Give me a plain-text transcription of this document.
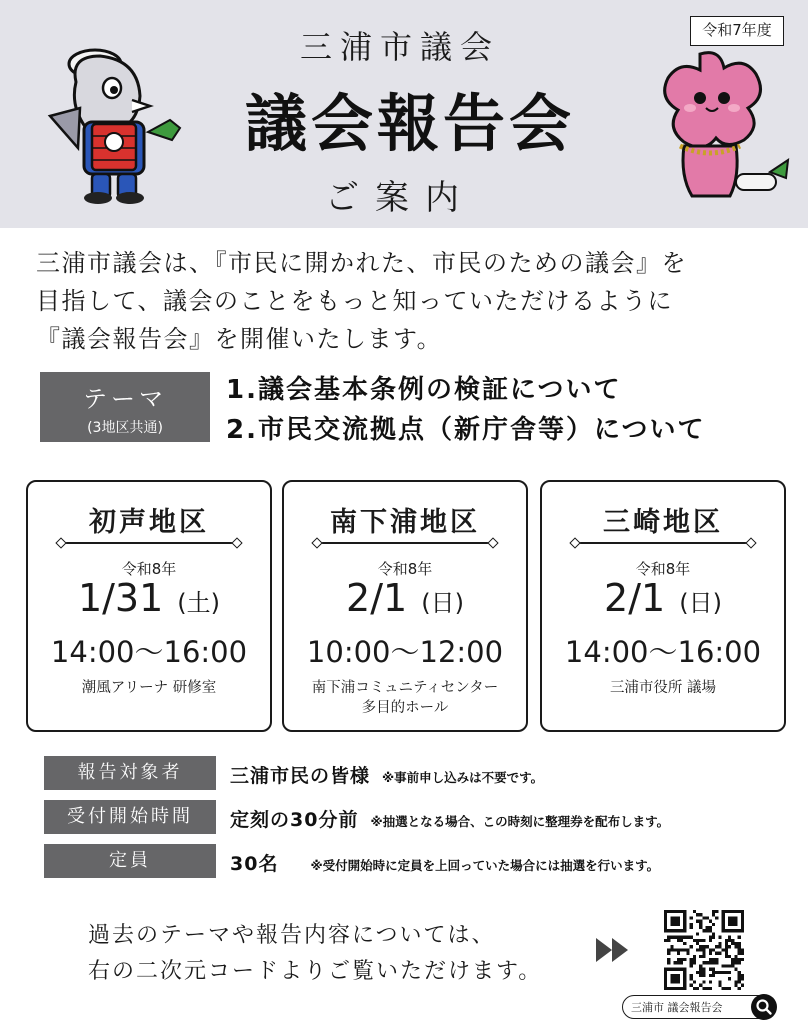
令和7年度
三浦市議会
議会報告会
ご案内
三浦市議会は、『市民に開かれた、市民のための議会』を
目指して、議会のことをもっと知っていただけるように
『議会報告会』を開催いたします。
テーマ
(3地区共通)
1.議会基本条例の検証について
2.市民交流拠点（新庁舎等）について
初声地区
令和8年
1/31 (土)
14:00〜16:00
潮風アリーナ 研修室
南下浦地区
令和8年
2/1 (日)
10:00〜12:00
南下浦コミュニティセンター
多目的ホール
三崎地区
令和8年
2/1 (日)
14:00〜16:00
三浦市役所 議場
報告対象者	三浦市民の皆様 ※事前申し込みは不要です。
受付開始時間	定刻の30分前 ※抽選となる場合、この時刻に整理券を配布します。
定員	30名	※受付開始時に定員を上回っていた場合には抽選を行います。
過去のテーマや報告内容については、
右の二次元コードよりご覧いただけます。
三浦市 議会報告会
